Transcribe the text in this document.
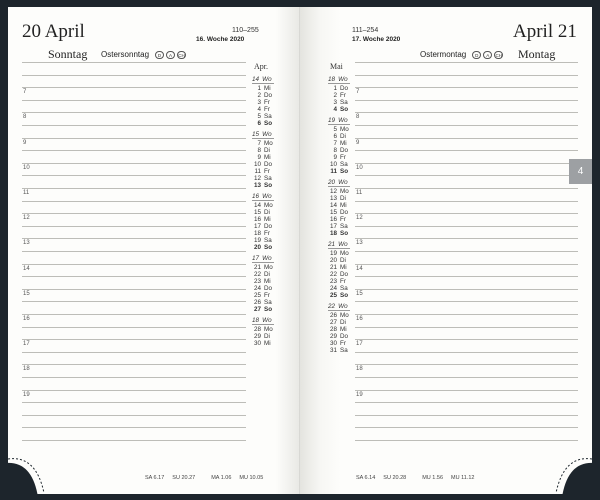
20 April
Sonntag Ostersonntag	D	A	CH
110–255
16. Woche 2020
7
8
9
10
11
12
13
14
15
16
17
18
19
Apr.
14 Wo
1 Mi
2 Do
3 Fr
4 Fr
5 Sa
6 So
15 Wo
7 Mo
8 Di
9 Mi
10 Do
11 Fr
12 Sa
13 So
16 Wo
14 Mo
15 Di
16 Mi
17 Do
18 Fr
19 Sa
20 So
17 Wo
21 Mo
22 Di
23 Mi
24 Do
25 Fr
26 Sa
27 So
18 Wo
28 Mo
29 Di
30 Mi
SA 6.17 SU 20.27	MA 1.06 MU 10.05
111–254
17. Woche 2020	April 21
Ostermontag	D	A	CH Montag
Mai
18 Wo
1 Do
2 Fr
3 Sa
4 So
19 Wo
5 Mo
6 Di
7 Mi
8 Do
9 Fr
10 Sa
11 So
20 Wo
12 Mo
13 Di
14 Mi
15 Do
16 Fr
17 Sa
18 So
21 Wo
19 Mo
20 Di
21 Mi
22 Do
23 Fr
24 Sa
25 So
22 Wo
26 Mo
27 Di
28 Mi
29 Do
30 Fr
31 Sa
7
8
9
10
11
12
13
14
15
16
17
18
19
SA 6.14 SU 20.28	MU 1.56 MU 11.12
4
